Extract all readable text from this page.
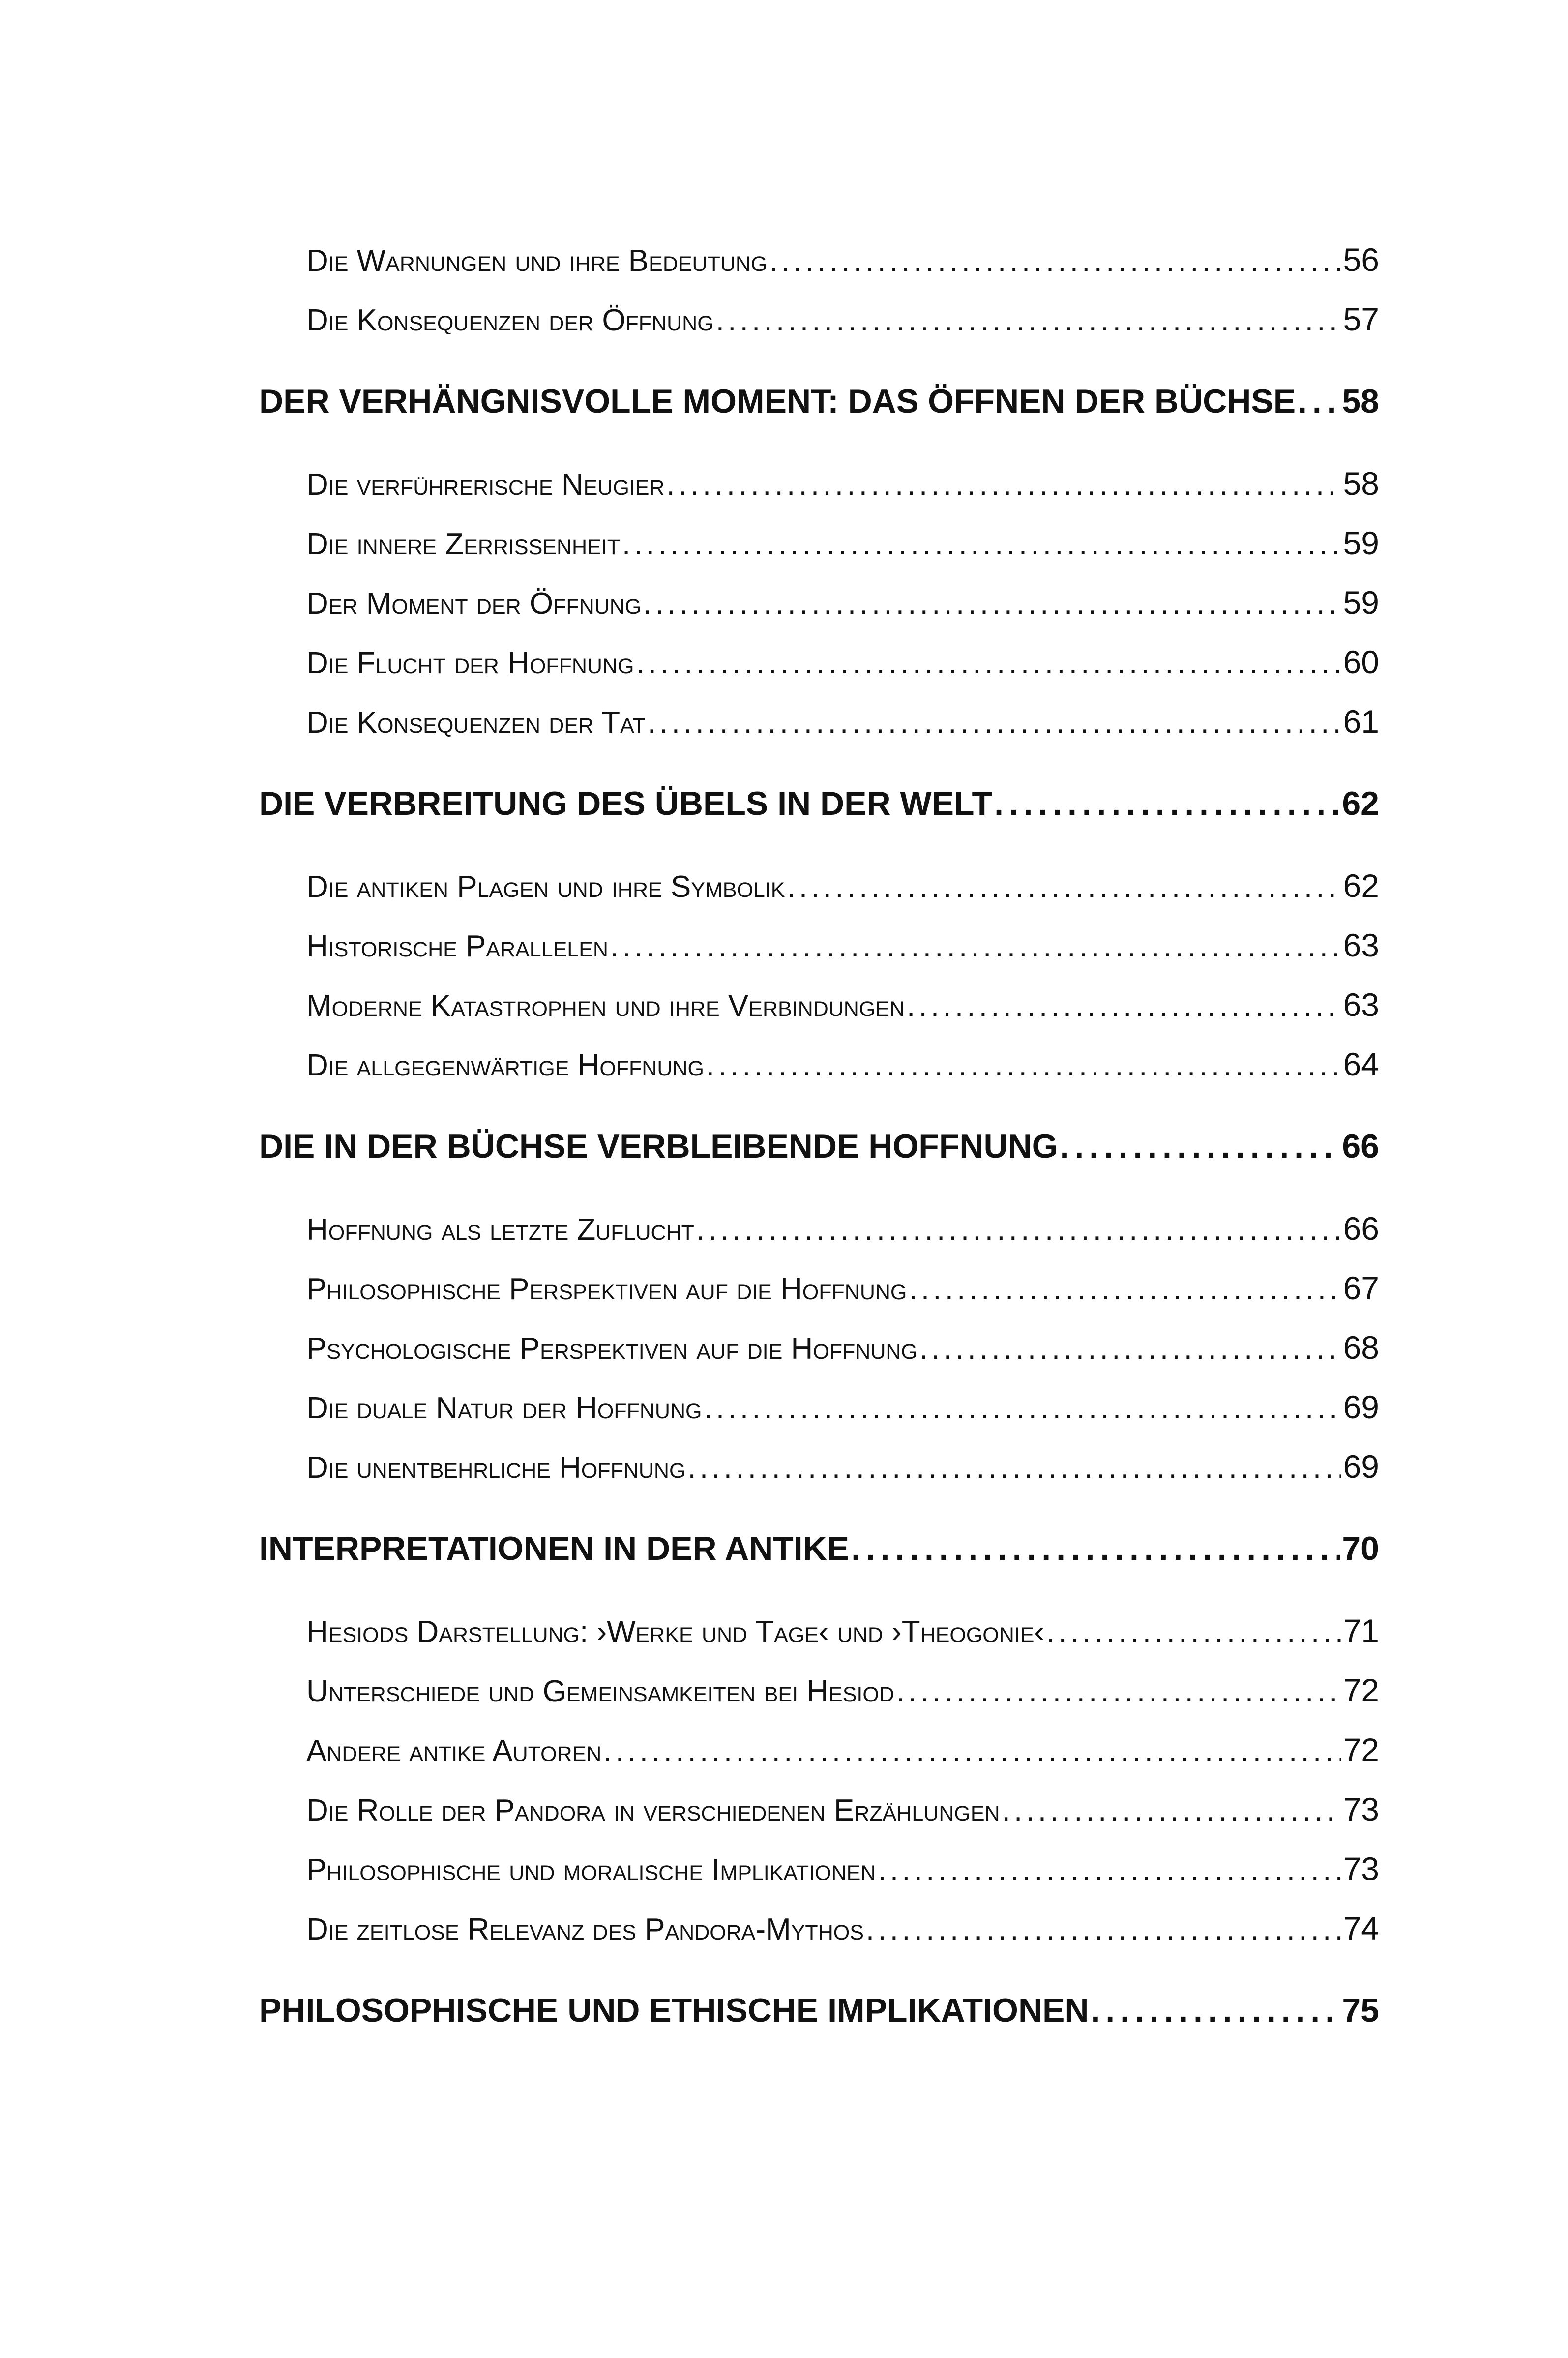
Die Warnungen und ihre Bedeutung . . .	56
Die Konsequenzen der Öffnung . . .	57
DER VERHÄNGNISVOLLE MOMENT: DAS ÖFFNEN DER BÜCHSE . . . 58
Die verführerische Neugier . . .	58
Die innere Zerrissenheit . . .	59
Der Moment der Öffnung . . .	59
Die Flucht der Hoffnung . . .	60
Die Konsequenzen der Tat . . .	61
DIE VERBREITUNG DES ÜBELS IN DER WELT . . .	62
Die antiken Plagen und ihre Symbolik . . .	62
Historische Parallelen . . .	63
Moderne Katastrophen und ihre Verbindungen . . .	63
Die allgegenwärtige Hoffnung . . .	64
DIE IN DER BÜCHSE VERBLEIBENDE HOFFNUNG . . .	66
Hoffnung als letzte Zuflucht . . .	66
Philosophische Perspektiven auf die Hoffnung . . .	67
Psychologische Perspektiven auf die Hoffnung . . .	68
Die duale Natur der Hoffnung . . .	69
Die unentbehrliche Hoffnung . . .	69
INTERPRETATIONEN IN DER ANTIKE . . .	70
Hesiods Darstellung: ›Werke und Tage‹ und ›Theogonie‹ . . .	71
Unterschiede und Gemeinsamkeiten bei Hesiod . . .	72
Andere antike Autoren . . .	72
Die Rolle der Pandora in verschiedenen Erzählungen . . .	73
Philosophische und moralische Implikationen . . .	73
Die zeitlose Relevanz des Pandora-Mythos . . .	74
PHILOSOPHISCHE UND ETHISCHE IMPLIKATIONEN . . .	75
